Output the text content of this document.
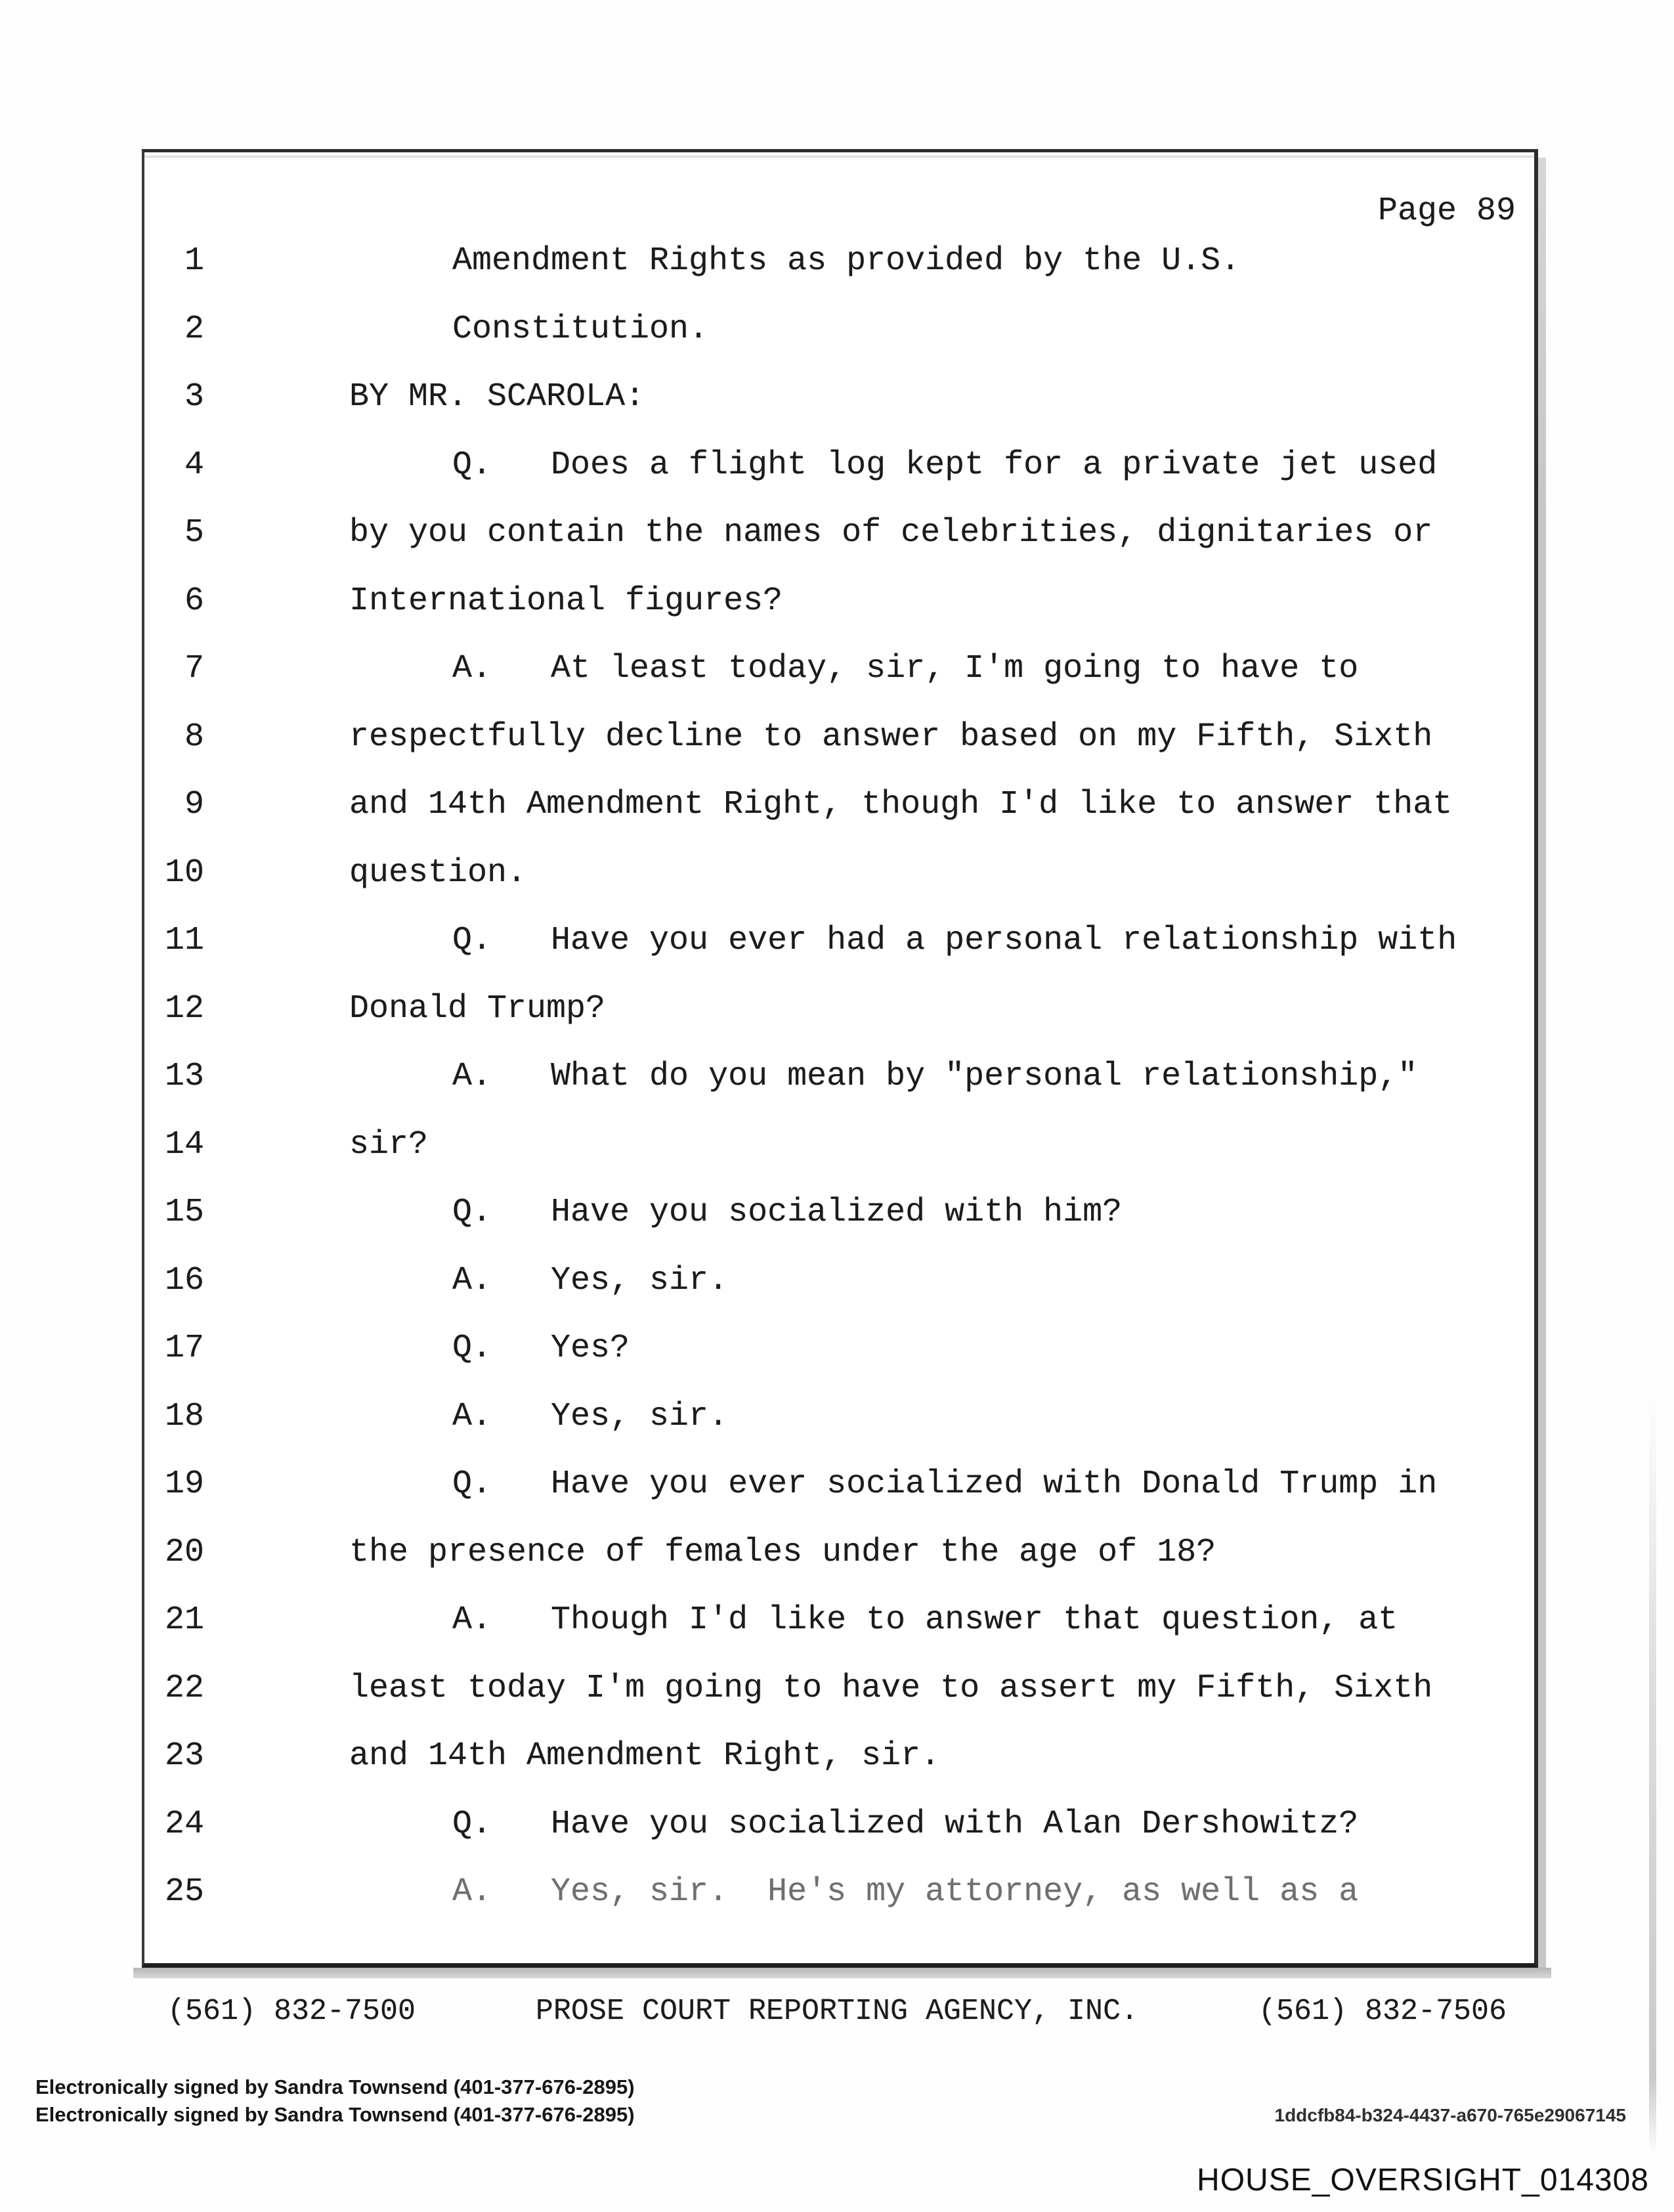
Page 89
1	Amendment Rights as provided by the U.S.
2	Constitution.
3	BY MR. SCAROLA:
4	Q.   Does a flight log kept for a private jet used
5	by you contain the names of celebrities, dignitaries or
6	International figures?
7	A.   At least today, sir, I'm going to have to
8	respectfully decline to answer based on my Fifth, Sixth
9	and 14th Amendment Right, though I'd like to answer that
10	question.
11	Q.   Have you ever had a personal relationship with
12	Donald Trump?
13	A.   What do you mean by "personal relationship,"
14	sir?
15	Q.   Have you socialized with him?
16	A.   Yes, sir.
17	Q.   Yes?
18	A.   Yes, sir.
19	Q.   Have you ever socialized with Donald Trump in
20	the presence of females under the age of 18?
21	A.   Though I'd like to answer that question, at
22	least today I'm going to have to assert my Fifth, Sixth
23	and 14th Amendment Right, sir.
24	Q.   Have you socialized with Alan Dershowitz?
25	A.   Yes, sir.  He's my attorney, as well as a
(561) 832-7500	PROSE COURT REPORTING AGENCY, INC.	(561) 832-7506
Electronically signed by Sandra Townsend (401-377-676-2895)
Electronically signed by Sandra Townsend (401-377-676-2895)	1ddcfb84-b324-4437-a670-765e29067145
HOUSE_OVERSIGHT_014308
